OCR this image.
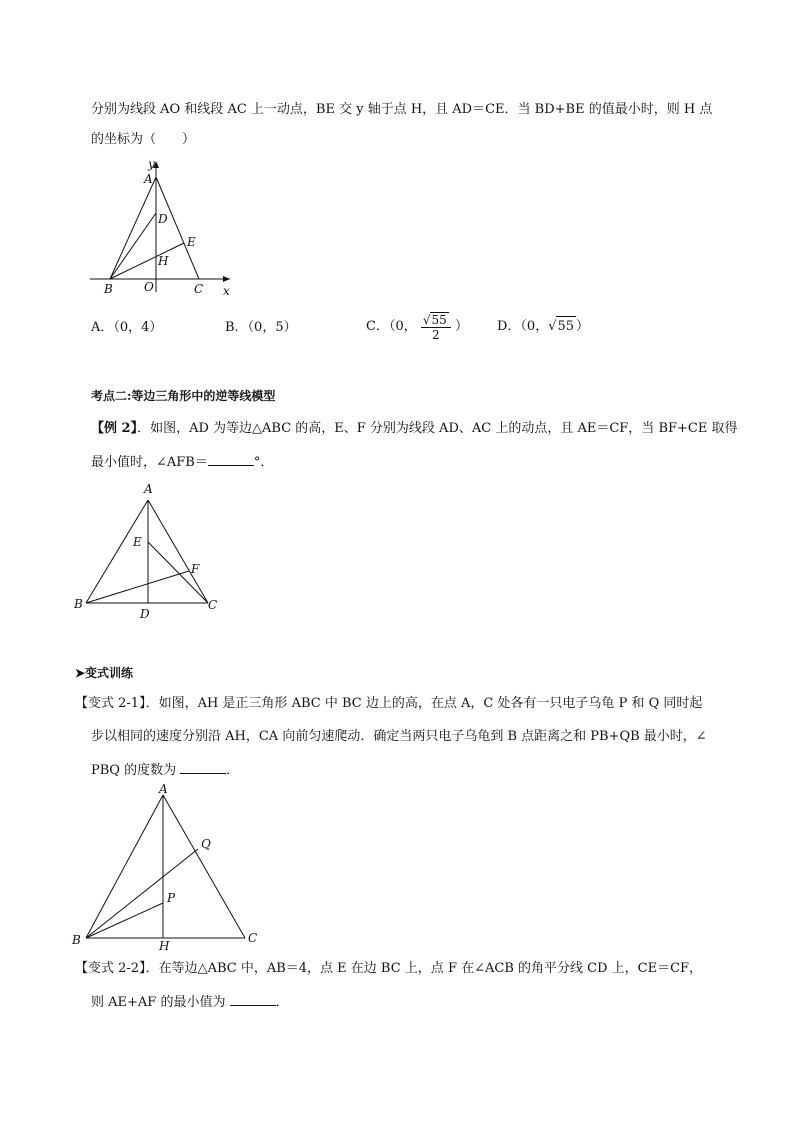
分别为线段 AO 和线段 AC 上一动点，BE 交 y 轴于点 H，且 AD＝CE．当 BD+BE 的值最小时，则 H 点
的坐标为（　　）
y
A
D
E
H
B	O	C x
A．（0，4）	B．（0，5）	C．（0， $\frac{√55}{2}$ ） D．（0，√55 ）
考点二:等边三角形中的逆等线模型
【例 2】．如图，AD 为等边△ABC 的高，E、F 分别为线段 AD、AC 上的动点，且 AE＝CF，当 BF+CE 取得
最小值时，∠AFB＝	°．
A
E
F
B
D
C
➤变式训练
【变式 2-1】．如图，AH 是正三角形 ABC 中 BC 边上的高，在点 A，C 处各有一只电子乌龟 P 和 Q 同时起
步以相同的速度分别沿 AH，CA 向前匀速爬动．确定当两只电子乌龟到 B 点距离之和 PB+QB 最小时，∠
PBQ 的度数为	．
A
Q
P
B	H
C
【变式 2-2】．在等边△ABC 中，AB＝4，点 E 在边 BC 上，点 F 在∠ACB 的角平分线 CD 上，CE＝CF，
则 AE+AF 的最小值为	．
